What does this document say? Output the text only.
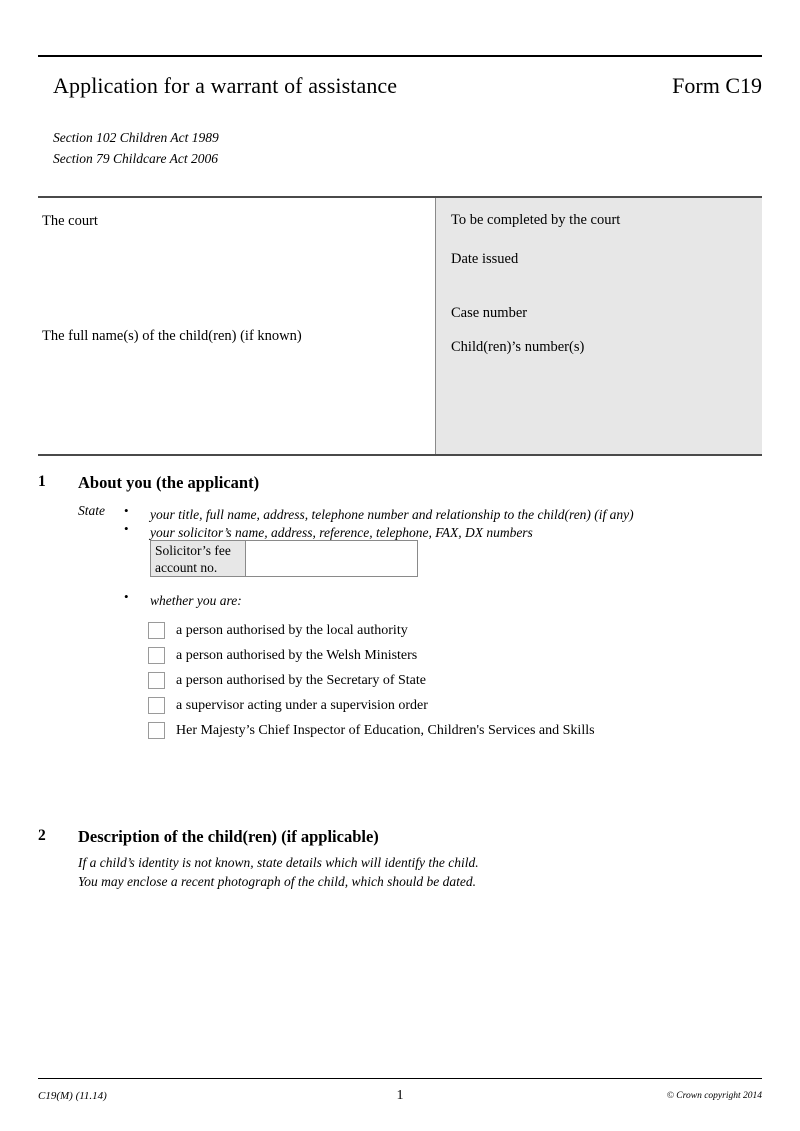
Application for a warrant of assistance	Form C19
Section 102 Children Act 1989
Section 79 Childcare Act 2006
The court
The full name(s) of the child(ren) (if known)
To be completed by the court
Date issued
Case number
Child(ren)’s number(s)
1 About you (the applicant)
State • your title, full name, address, telephone number and relationship to the child(ren) (if any)
• your solicitor’s name, address, reference, telephone, FAX, DX numbers
Solicitor’s fee
account no.
• whether you are:
a person authorised by the local authority
a person authorised by the Welsh Ministers
a person authorised by the Secretary of State
a supervisor acting under a supervision order
Her Majesty’s Chief Inspector of Education, Children's Services and Skills
2 Description of the child(ren) (if applicable)
If a child’s identity is not known, state details which will identify the child.
You may enclose a recent photograph of the child, which should be dated.
C19(M) (11.14)	1	© Crown copyright 2014
